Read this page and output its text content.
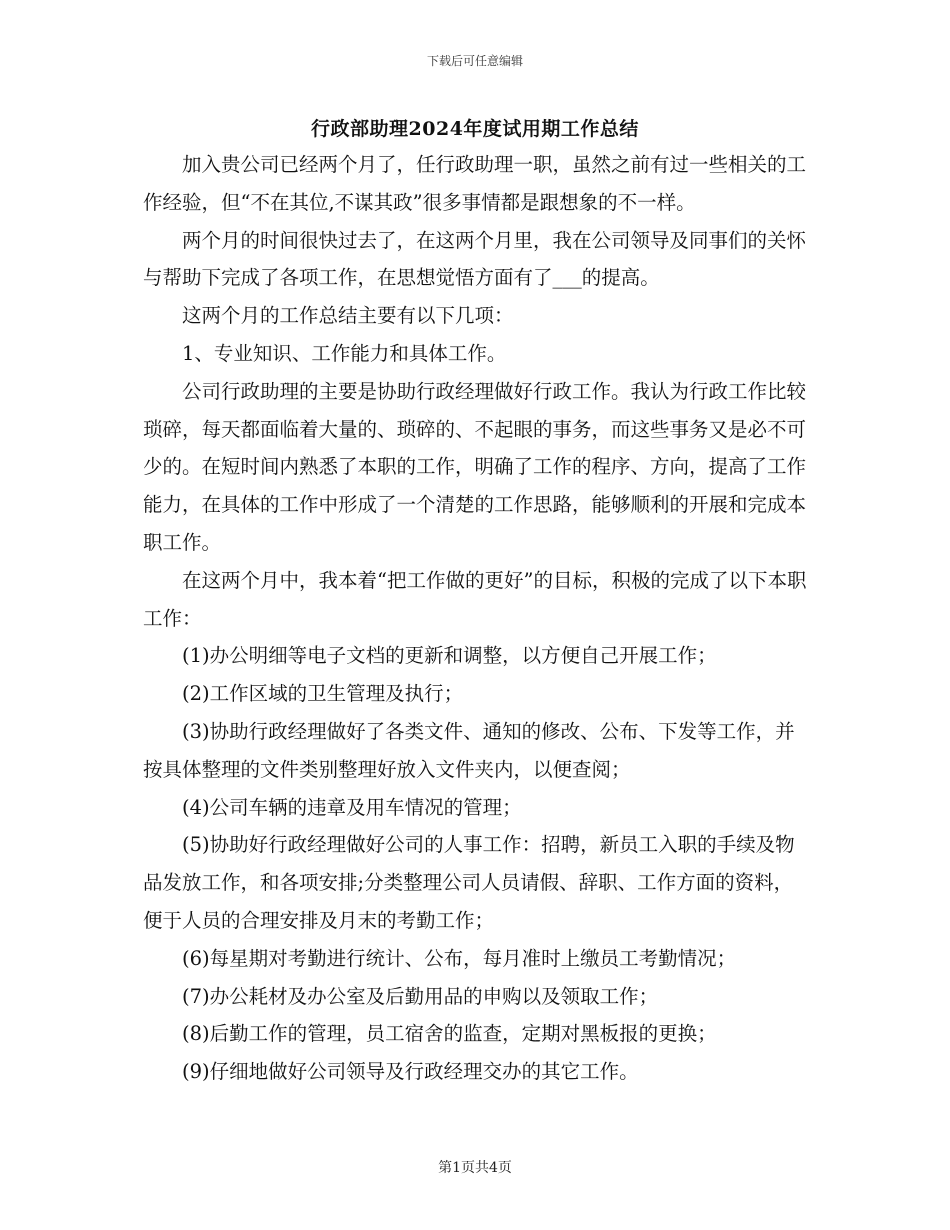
下载后可任意编辑
行政部助理2024年度试用期工作总结

加入贵公司已经两个月了，任行政助理一职，虽然之前有过一些相关的工作经验，但“不在其位,不谋其政”很多事情都是跟想象的不一样。

两个月的时间很快过去了，在这两个月里，我在公司领导及同事们的关怀与帮助下完成了各项工作，在思想觉悟方面有了___的提高。

这两个月的工作总结主要有以下几项：

1、专业知识、工作能力和具体工作。

公司行政助理的主要是协助行政经理做好行政工作。我认为行政工作比较琐碎，每天都面临着大量的、琐碎的、不起眼的事务，而这些事务又是必不可少的。在短时间内熟悉了本职的工作，明确了工作的程序、方向，提高了工作能力，在具体的工作中形成了一个清楚的工作思路，能够顺利的开展和完成本职工作。

在这两个月中，我本着“把工作做的更好”的目标，积极的完成了以下本职工作：

(1)办公明细等电子文档的更新和调整，以方便自己开展工作；

(2)工作区域的卫生管理及执行；

(3)协助行政经理做好了各类文件、通知的修改、公布、下发等工作，并按具体整理的文件类别整理好放入文件夹内，以便查阅；

(4)公司车辆的违章及用车情况的管理；

(5)协助好行政经理做好公司的人事工作：招聘，新员工入职的手续及物品发放工作，和各项安排;分类整理公司人员请假、辞职、工作方面的资料，便于人员的合理安排及月末的考勤工作；

(6)每星期对考勤进行统计、公布，每月准时上缴员工考勤情况；

(7)办公耗材及办公室及后勤用品的申购以及领取工作；

(8)后勤工作的管理，员工宿舍的监查，定期对黑板报的更换；

(9)仔细地做好公司领导及行政经理交办的其它工作。

第1页共4页
